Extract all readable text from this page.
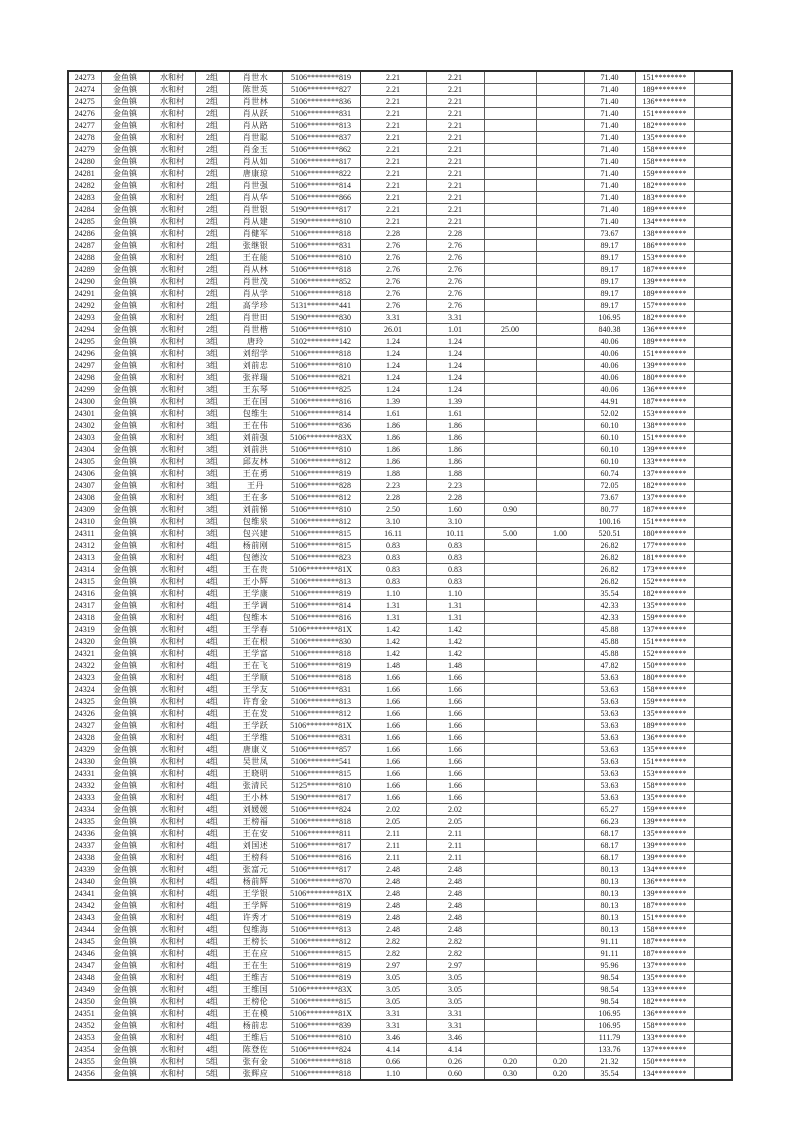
24273	金鱼镇	水和村	2组	肖世水	5106********819	2.21	2.21			71.40	151********	
24274	金鱼镇	水和村	2组	陈世英	5106********827	2.21	2.21			71.40	189********	
24275	金鱼镇	水和村	2组	肖世林	5106********836	2.21	2.21			71.40	136********	
24276	金鱼镇	水和村	2组	肖从跃	5106********831	2.21	2.21			71.40	151********	
24277	金鱼镇	水和村	2组	肖从路	5106********813	2.21	2.21			71.40	182********	
24278	金鱼镇	水和村	2组	肖世聪	5106********837	2.21	2.21			71.40	135********	
24279	金鱼镇	水和村	2组	肖金玉	5106********862	2.21	2.21			71.40	158********	
24280	金鱼镇	水和村	2组	肖从如	5106********817	2.21	2.21			71.40	158********	
24281	金鱼镇	水和村	2组	唐康琼	5106********822	2.21	2.21			71.40	159********	
24282	金鱼镇	水和村	2组	肖世强	5106********814	2.21	2.21			71.40	182********	
24283	金鱼镇	水和村	2组	肖从华	5106********866	2.21	2.21			71.40	183********	
24284	金鱼镇	水和村	2组	肖世银	5190********817	2.21	2.21			71.40	189********	
24285	金鱼镇	水和村	2组	肖从建	5190********810	2.21	2.21			71.40	134********	
24286	金鱼镇	水和村	2组	肖健军	5106********818	2.28	2.28			73.67	138********	
24287	金鱼镇	水和村	2组	张继银	5106********831	2.76	2.76			89.17	186********	
24288	金鱼镇	水和村	2组	王在能	5106********810	2.76	2.76			89.17	153********	
24289	金鱼镇	水和村	2组	肖从林	5106********818	2.76	2.76			89.17	187********	
24290	金鱼镇	水和村	2组	肖世茂	5106********852	2.76	2.76			89.17	139********	
24291	金鱼镇	水和村	2组	肖从学	5106********818	2.76	2.76			89.17	189********	
24292	金鱼镇	水和村	2组	高学珍	5131********441	2.76	2.76			89.17	157********	
24293	金鱼镇	水和村	2组	肖世田	5190********830	3.31	3.31			106.95	182********	
24294	金鱼镇	水和村	2组	肖世楷	5106********810	26.01	1.01	25.00		840.38	136********	
24295	金鱼镇	水和村	3组	唐玲	5102********142	1.24	1.24			40.06	189********	
24296	金鱼镇	水和村	3组	刘绍学	5106********818	1.24	1.24			40.06	151********	
24297	金鱼镇	水和村	3组	刘前忠	5106********810	1.24	1.24			40.06	139********	
24298	金鱼镇	水和村	3组	张祥瑞	5106********821	1.24	1.24			40.06	180********	
24299	金鱼镇	水和村	3组	王东琴	5106********825	1.24	1.24			40.06	136********	
24300	金鱼镇	水和村	3组	王在国	5106********816	1.39	1.39			44.91	187********	
24301	金鱼镇	水和村	3组	包维生	5106********814	1.61	1.61			52.02	153********	
24302	金鱼镇	水和村	3组	王在伟	5106********836	1.86	1.86			60.10	138********	
24303	金鱼镇	水和村	3组	刘前强	5106********83X	1.86	1.86			60.10	151********	
24304	金鱼镇	水和村	3组	刘前洪	5106********810	1.86	1.86			60.10	139********	
24305	金鱼镇	水和村	3组	邱友林	5106********812	1.86	1.86			60.10	133********	
24306	金鱼镇	水和村	3组	王在勇	5106********819	1.88	1.88			60.74	137********	
24307	金鱼镇	水和村	3组	王丹	5106********828	2.23	2.23			72.05	182********	
24308	金鱼镇	水和村	3组	王在多	5106********812	2.28	2.28			73.67	137********	
24309	金鱼镇	水和村	3组	刘前悌	5106********810	2.50	1.60	0.90		80.77	187********	
24310	金鱼镇	水和村	3组	包维泉	5106********812	3.10	3.10			100.16	151********	
24311	金鱼镇	水和村	3组	包兴建	5106********815	16.11	10.11	5.00	1.00	520.51	180********	
24312	金鱼镇	水和村	4组	杨前刚	5106********815	0.83	0.83			26.82	177********	
24313	金鱼镇	水和村	4组	包德汝	5106********823	0.83	0.83			26.82	181********	
24314	金鱼镇	水和村	4组	王在贵	5106********81X	0.83	0.83			26.82	173********	
24315	金鱼镇	水和村	4组	王小辉	5106********813	0.83	0.83			26.82	152********	
24316	金鱼镇	水和村	4组	王学康	5106********819	1.10	1.10			35.54	182********	
24317	金鱼镇	水和村	4组	王学调	5106********814	1.31	1.31			42.33	135********	
24318	金鱼镇	水和村	4组	包维本	5106********816	1.31	1.31			42.33	159********	
24319	金鱼镇	水和村	4组	王学春	5106********81X	1.42	1.42			45.88	137********	
24320	金鱼镇	水和村	4组	王在根	5106********830	1.42	1.42			45.88	151********	
24321	金鱼镇	水和村	4组	王学富	5106********818	1.42	1.42			45.88	152********	
24322	金鱼镇	水和村	4组	王在飞	5106********819	1.48	1.48			47.82	150********	
24323	金鱼镇	水和村	4组	王学顺	5106********818	1.66	1.66			53.63	180********	
24324	金鱼镇	水和村	4组	王学友	5106********831	1.66	1.66			53.63	158********	
24325	金鱼镇	水和村	4组	许育金	5106********813	1.66	1.66			53.63	159********	
24326	金鱼镇	水和村	4组	王在发	5106********812	1.66	1.66			53.63	135********	
24327	金鱼镇	水和村	4组	王学跃	5106********81X	1.66	1.66			53.63	189********	
24328	金鱼镇	水和村	4组	王学维	5106********831	1.66	1.66			53.63	136********	
24329	金鱼镇	水和村	4组	唐康义	5106********857	1.66	1.66			53.63	135********	
24330	金鱼镇	水和村	4组	吴世凤	5106********541	1.66	1.66			53.63	151********	
24331	金鱼镇	水和村	4组	王晓明	5106********815	1.66	1.66			53.63	153********	
24332	金鱼镇	水和村	4组	张清民	5125********810	1.66	1.66			53.63	158********	
24333	金鱼镇	水和村	4组	王小林	5190********817	1.66	1.66			53.63	135********	
24334	金鱼镇	水和村	4组	刘媛媛	5106********824	2.02	2.02			65.27	159********	
24335	金鱼镇	水和村	4组	王榜福	5106********818	2.05	2.05			66.23	139********	
24336	金鱼镇	水和村	4组	王在安	5106********811	2.11	2.11			68.17	135********	
24337	金鱼镇	水和村	4组	刘国述	5106********817	2.11	2.11			68.17	139********	
24338	金鱼镇	水和村	4组	王榜科	5106********816	2.11	2.11			68.17	139********	
24339	金鱼镇	水和村	4组	张富元	5106********817	2.48	2.48			80.13	134********	
24340	金鱼镇	水和村	4组	杨前辉	5106********870	2.48	2.48			80.13	136********	
24341	金鱼镇	水和村	4组	王学银	5106********81X	2.48	2.48			80.13	139********	
24342	金鱼镇	水和村	4组	王学辉	5106********819	2.48	2.48			80.13	187********	
24343	金鱼镇	水和村	4组	许秀才	5106********819	2.48	2.48			80.13	151********	
24344	金鱼镇	水和村	4组	包维海	5106********813	2.48	2.48			80.13	158********	
24345	金鱼镇	水和村	4组	王榜长	5106********812	2.82	2.82			91.11	187********	
24346	金鱼镇	水和村	4组	王在应	5106********815	2.82	2.82			91.11	187********	
24347	金鱼镇	水和村	4组	王在生	5106********819	2.97	2.97			95.96	137********	
24348	金鱼镇	水和村	4组	王维吉	5106********819	3.05	3.05			98.54	135********	
24349	金鱼镇	水和村	4组	王维国	5106********83X	3.05	3.05			98.54	133********	
24350	金鱼镇	水和村	4组	王榜伦	5106********815	3.05	3.05			98.54	182********	
24351	金鱼镇	水和村	4组	王在模	5106********81X	3.31	3.31			106.95	136********	
24352	金鱼镇	水和村	4组	杨前忠	5106********839	3.31	3.31			106.95	158********	
24353	金鱼镇	水和村	4组	王维后	5106********810	3.46	3.46			111.79	133********	
24354	金鱼镇	水和村	4组	陈登佐	5106********824	4.14	4.14			133.76	137********	
24355	金鱼镇	水和村	5组	张有金	5106********818	0.66	0.26	0.20	0.20	21.32	150********	
24356	金鱼镇	水和村	5组	张辉应	5106********818	1.10	0.60	0.30	0.20	35.54	134********	
